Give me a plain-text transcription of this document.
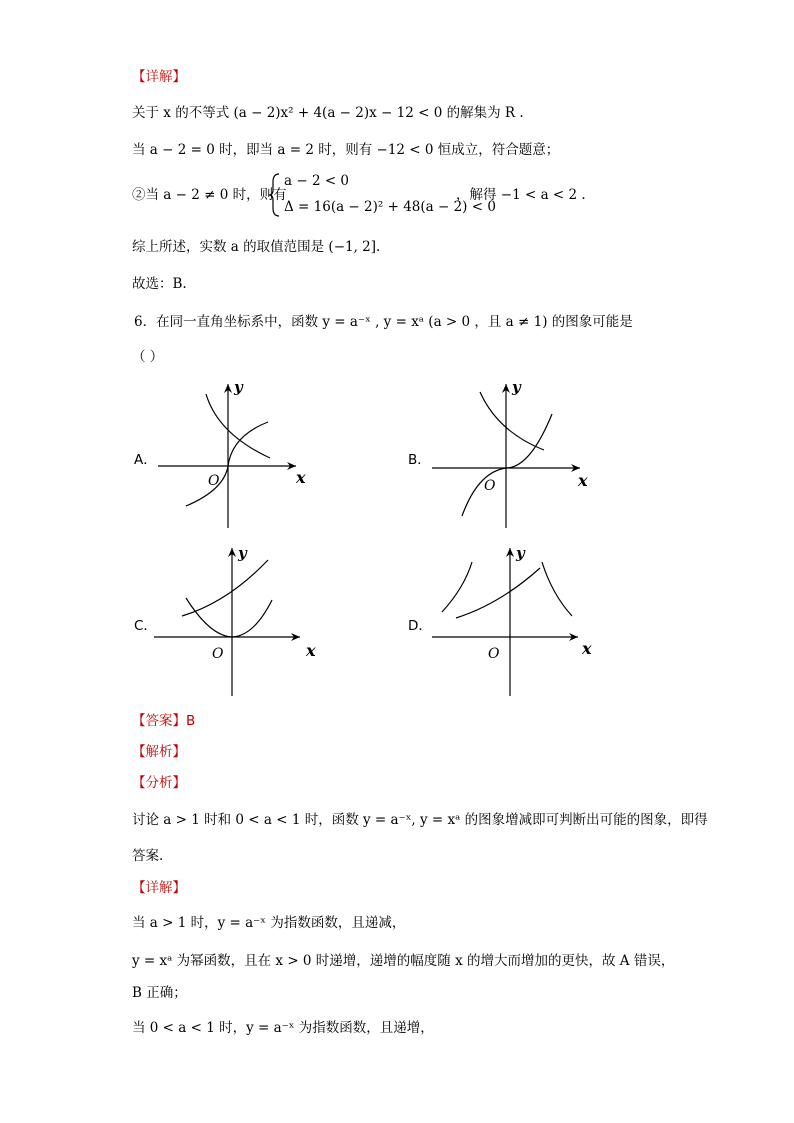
【详解】
关于 x 的不等式 (a − 2)x² + 4(a − 2)x − 12 < 0 的解集为 R .
当 a − 2 = 0 时，即当 a = 2 时，则有 −12 < 0 恒成立，符合题意；
②当 a − 2 ≠ 0 时，则有
a − 2 < 0
Δ = 16(a − 2)² + 48(a − 2) < 0
，解得 −1 < a < 2 .
综上所述，实数 a 的取值范围是 (−1, 2].
故选：B.
6．在同一直角坐标系中，函数 y = a⁻ˣ , y = xᵃ (a > 0 ，且 a ≠ 1) 的图象可能是
（ ）
A．
x
y
O
B．
x
y
O
C．
x
y
O
D．
x
y
O
【答案】B
【解析】
【分析】
讨论 a > 1 时和 0 < a < 1 时，函数 y = a⁻ˣ, y = xᵃ 的图象增减即可判断出可能的图象，即得
答案.
【详解】
当 a > 1 时，y = a⁻ˣ 为指数函数，且递减，
y = xᵃ 为幂函数，且在 x > 0 时递增，递增的幅度随 x 的增大而增加的更快，故 A 错误，
B 正确；
当 0 < a < 1 时，y = a⁻ˣ 为指数函数，且递增，
